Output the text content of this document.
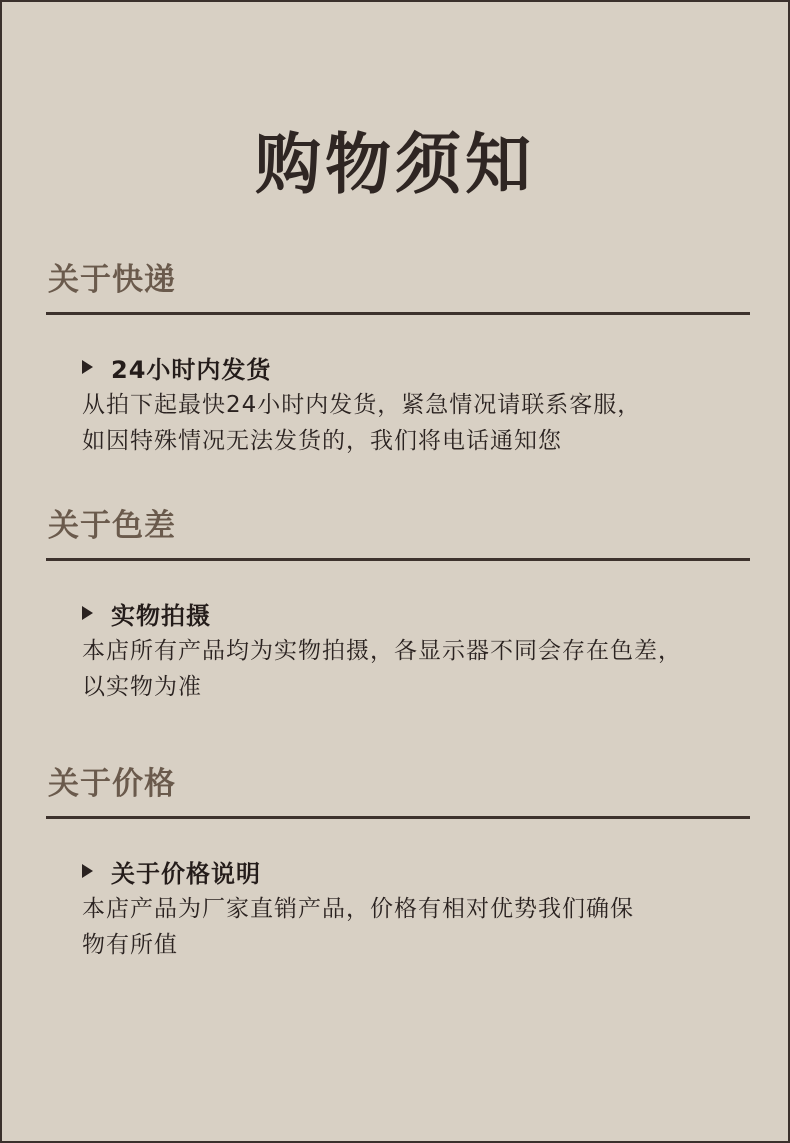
购物须知
关于快递
24小时内发货
从拍下起最快24小时内发货，紧急情况请联系客服，
如因特殊情况无法发货的，我们将电话通知您
关于色差
实物拍摄
本店所有产品均为实物拍摄，各显示器不同会存在色差，
以实物为准
关于价格
关于价格说明
本店产品为厂家直销产品，价格有相对优势我们确保
物有所值
